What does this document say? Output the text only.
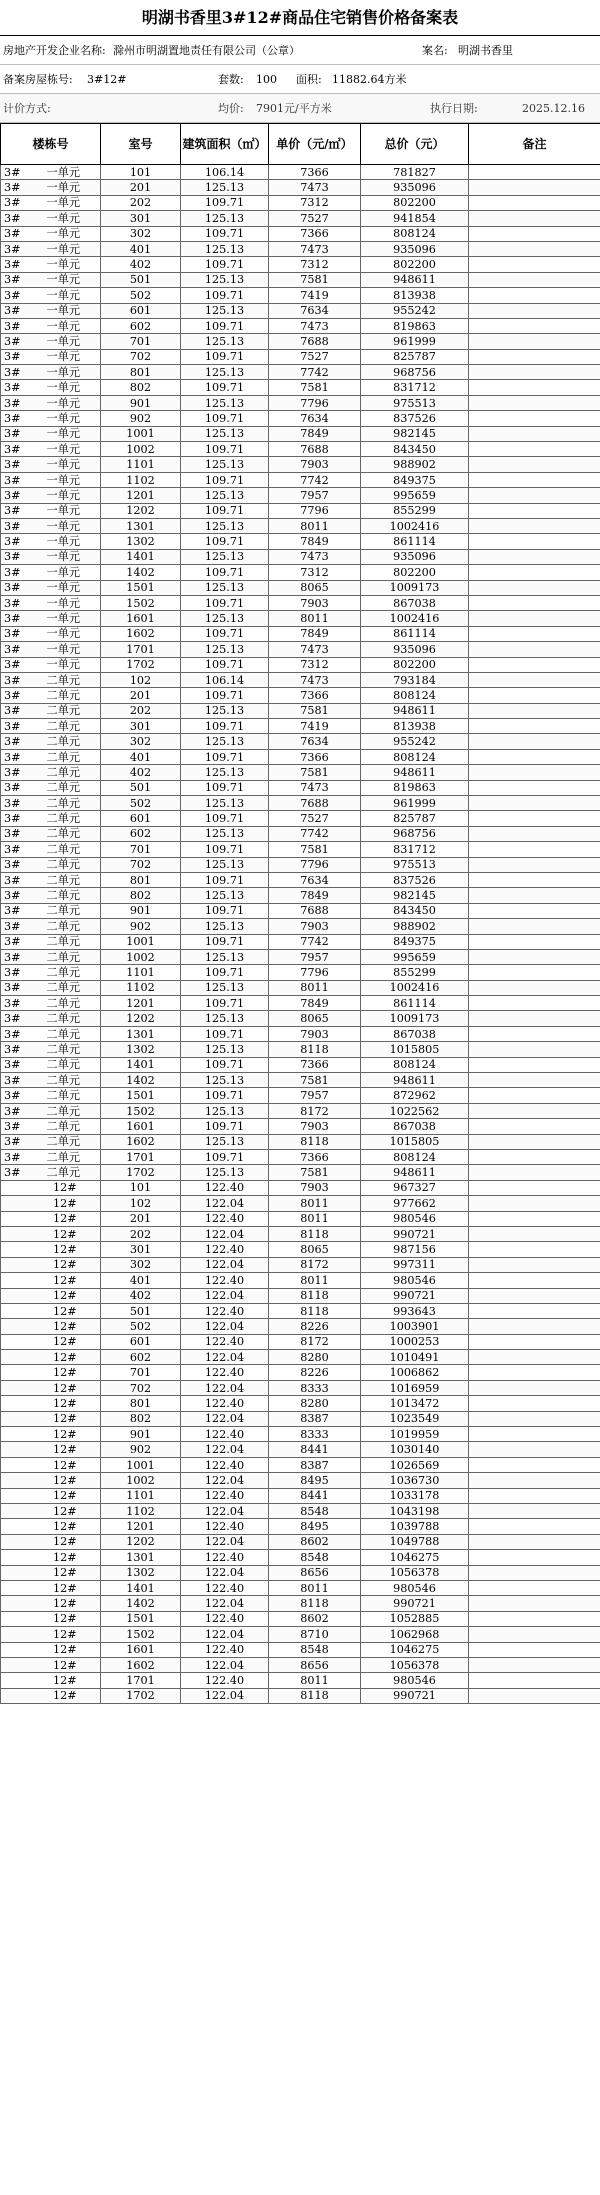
明湖书香里3#12#商品住宅销售价格备案表
房地产开发企业名称: 滁州市明湖置地责任有限公司（公章）	案名: 明湖书香里
备案房屋栋号: 3#12#	套数: 100 面积: 11882.64方米
计价方式:	均价: 7901元/平方米	执行日期:	2025.12.16
楼栋号	室号	建筑面积（㎡）	单价（元/㎡）	总价（元）	备注
3# 一单元	101	106.14	7366	781827	
3# 一单元	201	125.13	7473	935096	
3# 一单元	202	109.71	7312	802200	
3# 一单元	301	125.13	7527	941854	
3# 一单元	302	109.71	7366	808124	
3# 一单元	401	125.13	7473	935096	
3# 一单元	402	109.71	7312	802200	
3# 一单元	501	125.13	7581	948611	
3# 一单元	502	109.71	7419	813938	
3# 一单元	601	125.13	7634	955242	
3# 一单元	602	109.71	7473	819863	
3# 一单元	701	125.13	7688	961999	
3# 一单元	702	109.71	7527	825787	
3# 一单元	801	125.13	7742	968756	
3# 一单元	802	109.71	7581	831712	
3# 一单元	901	125.13	7796	975513	
3# 一单元	902	109.71	7634	837526	
3# 一单元	1001	125.13	7849	982145	
3# 一单元	1002	109.71	7688	843450	
3# 一单元	1101	125.13	7903	988902	
3# 一单元	1102	109.71	7742	849375	
3# 一单元	1201	125.13	7957	995659	
3# 一单元	1202	109.71	7796	855299	
3# 一单元	1301	125.13	8011	1002416	
3# 一单元	1302	109.71	7849	861114	
3# 一单元	1401	125.13	7473	935096	
3# 一单元	1402	109.71	7312	802200	
3# 一单元	1501	125.13	8065	1009173	
3# 一单元	1502	109.71	7903	867038	
3# 一单元	1601	125.13	8011	1002416	
3# 一单元	1602	109.71	7849	861114	
3# 一单元	1701	125.13	7473	935096	
3# 一单元	1702	109.71	7312	802200	
3# 二单元	102	106.14	7473	793184	
3# 二单元	201	109.71	7366	808124	
3# 二单元	202	125.13	7581	948611	
3# 二单元	301	109.71	7419	813938	
3# 二单元	302	125.13	7634	955242	
3# 二单元	401	109.71	7366	808124	
3# 二单元	402	125.13	7581	948611	
3# 二单元	501	109.71	7473	819863	
3# 二单元	502	125.13	7688	961999	
3# 二单元	601	109.71	7527	825787	
3# 二单元	602	125.13	7742	968756	
3# 二单元	701	109.71	7581	831712	
3# 二单元	702	125.13	7796	975513	
3# 二单元	801	109.71	7634	837526	
3# 二单元	802	125.13	7849	982145	
3# 二单元	901	109.71	7688	843450	
3# 二单元	902	125.13	7903	988902	
3# 二单元	1001	109.71	7742	849375	
3# 二单元	1002	125.13	7957	995659	
3# 二单元	1101	109.71	7796	855299	
3# 二单元	1102	125.13	8011	1002416	
3# 二单元	1201	109.71	7849	861114	
3# 二单元	1202	125.13	8065	1009173	
3# 二单元	1301	109.71	7903	867038	
3# 二单元	1302	125.13	8118	1015805	
3# 二单元	1401	109.71	7366	808124	
3# 二单元	1402	125.13	7581	948611	
3# 二单元	1501	109.71	7957	872962	
3# 二单元	1502	125.13	8172	1022562	
3# 二单元	1601	109.71	7903	867038	
3# 二单元	1602	125.13	8118	1015805	
3# 二单元	1701	109.71	7366	808124	
3# 二单元	1702	125.13	7581	948611	
12#	101	122.40	7903	967327	
12#	102	122.04	8011	977662	
12#	201	122.40	8011	980546	
12#	202	122.04	8118	990721	
12#	301	122.40	8065	987156	
12#	302	122.04	8172	997311	
12#	401	122.40	8011	980546	
12#	402	122.04	8118	990721	
12#	501	122.40	8118	993643	
12#	502	122.04	8226	1003901	
12#	601	122.40	8172	1000253	
12#	602	122.04	8280	1010491	
12#	701	122.40	8226	1006862	
12#	702	122.04	8333	1016959	
12#	801	122.40	8280	1013472	
12#	802	122.04	8387	1023549	
12#	901	122.40	8333	1019959	
12#	902	122.04	8441	1030140	
12#	1001	122.40	8387	1026569	
12#	1002	122.04	8495	1036730	
12#	1101	122.40	8441	1033178	
12#	1102	122.04	8548	1043198	
12#	1201	122.40	8495	1039788	
12#	1202	122.04	8602	1049788	
12#	1301	122.40	8548	1046275	
12#	1302	122.04	8656	1056378	
12#	1401	122.40	8011	980546	
12#	1402	122.04	8118	990721	
12#	1501	122.40	8602	1052885	
12#	1502	122.04	8710	1062968	
12#	1601	122.40	8548	1046275	
12#	1602	122.04	8656	1056378	
12#	1701	122.40	8011	980546	
12#	1702	122.04	8118	990721	
